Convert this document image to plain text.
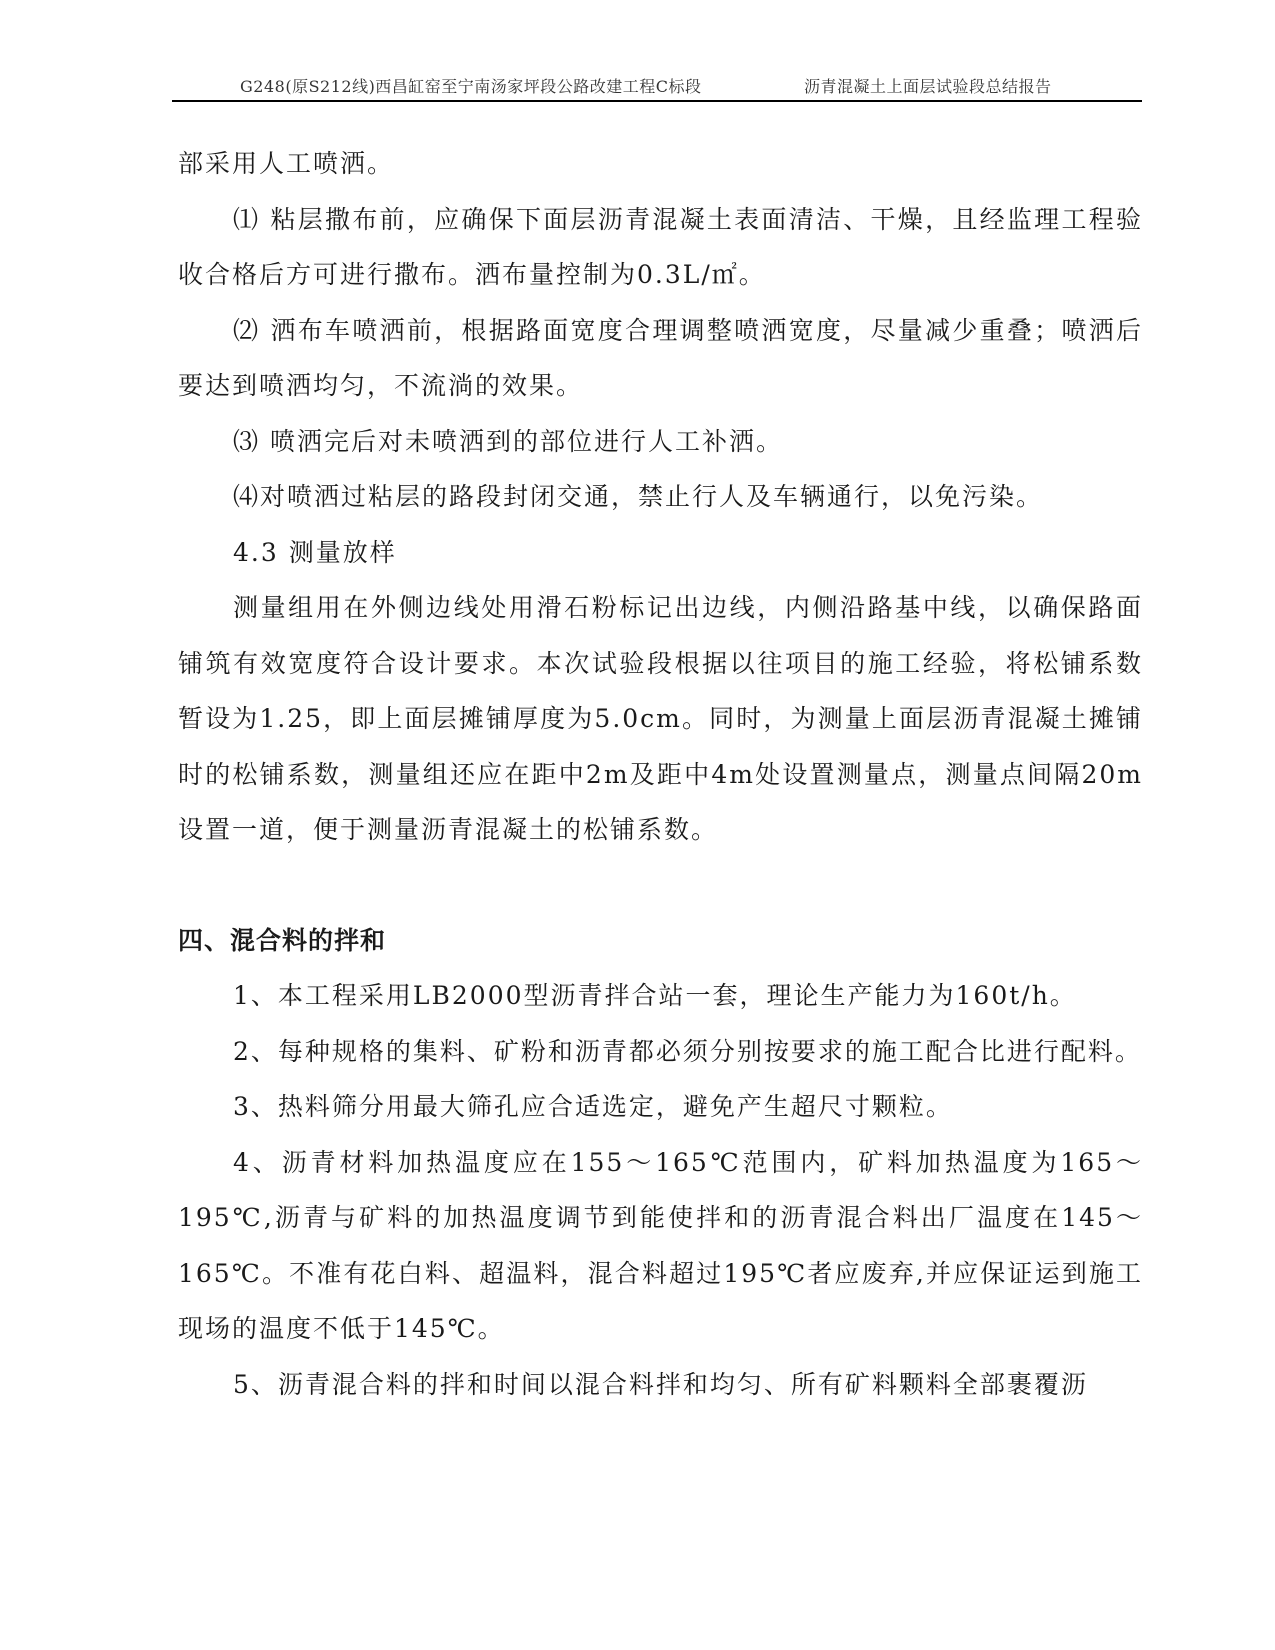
G248(原S212线)西昌缸窑至宁南汤家坪段公路改建工程C标段	沥青混凝土上面层试验段总结报告

部采用人工喷洒。

⑴ 粘层撒布前，应确保下面层沥青混凝土表面清洁、干燥，且经监理工程验收合格后方可进行撒布。洒布量控制为0.3L/㎡。

⑵ 洒布车喷洒前，根据路面宽度合理调整喷洒宽度，尽量减少重叠；喷洒后要达到喷洒均匀，不流淌的效果。

⑶ 喷洒完后对未喷洒到的部位进行人工补洒。

⑷对喷洒过粘层的路段封闭交通，禁止行人及车辆通行，以免污染。

4.3 测量放样

测量组用在外侧边线处用滑石粉标记出边线，内侧沿路基中线，以确保路面铺筑有效宽度符合设计要求。本次试验段根据以往项目的施工经验，将松铺系数暂设为1.25，即上面层摊铺厚度为5.0cm。同时，为测量上面层沥青混凝土摊铺时的松铺系数，测量组还应在距中2m及距中4m处设置测量点，测量点间隔20m设置一道，便于测量沥青混凝土的松铺系数。

四、混合料的拌和

1、本工程采用LB2000型沥青拌合站一套，理论生产能力为160t/h。

2、每种规格的集料、矿粉和沥青都必须分别按要求的施工配合比进行配料。

3、热料筛分用最大筛孔应合适选定，避免产生超尺寸颗粒。

4、沥青材料加热温度应在155～165℃范围内，矿料加热温度为165～195℃,沥青与矿料的加热温度调节到能使拌和的沥青混合料出厂温度在145～165℃。不准有花白料、超温料，混合料超过195℃者应废弃,并应保证运到施工现场的温度不低于145℃。

5、沥青混合料的拌和时间以混合料拌和均匀、所有矿料颗料全部裹覆沥
